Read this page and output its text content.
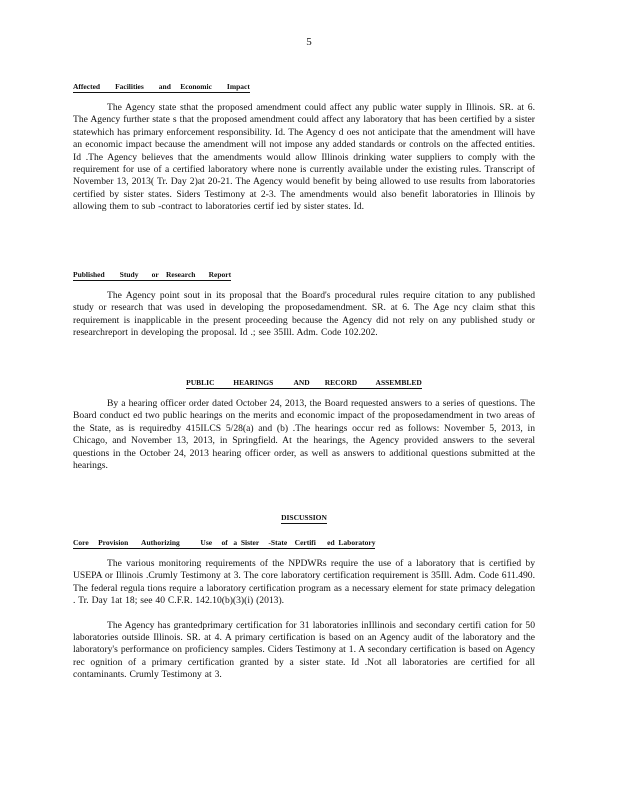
5
Affected        Facilities        and     Economic        Impact

The Agency state sthat the proposed amendment could affect any public water supply in Illinois. SR. at 6. The Agency further state s that the proposed amendment could affect any laboratory that has been certified by a sister statewhich has primary enforcement responsibility. Id. The Agency d oes not anticipate that the amendment will have an economic impact because the amendment will not impose any added standards or controls on the affected entities. Id .The Agency believes that the amendments would allow Illinois drinking water suppliers to comply with the requirement for use of a certified laboratory where none is currently available under the existing rules. Transcript of November 13, 2013( Tr. Day 2)at 20-21. The Agency would benefit by being allowed to use results from laboratories certified by sister states. Siders Testimony at 2-3. The amendments would also benefit laboratories in Illinois by allowing them to sub -contract to laboratories certif ied by sister states. Id.

Published        Study       or    Research       Report

The Agency point sout in its proposal that the Board's procedural rules require citation to any published study or research that was used in developing the proposedamendment. SR. at 6. The Age ncy claim sthat this requirement is inapplicable in the present proceeding because the Agency did not rely on any published study or researchreport in developing the proposal. Id .; see 35Ill. Adm. Code 102.202.

PUBLIC          HEARINGS           AND        RECORD          ASSEMBLED

By a hearing officer order dated October 24, 2013, the Board requested answers to a series of questions. The Board conduct ed two public hearings on the merits and economic impact of the proposedamendment in two areas of the State, as is requiredby 415ILCS 5/28(a) and (b) .The hearings occur red as follows: November 5, 2013, in Chicago, and November 13, 2013, in Springfield. At the hearings, the Agency provided answers to the several questions in the October 24, 2013 hearing officer order, as well as answers to additional questions submitted at the hearings.

DISCUSSION
Core     Provision       Authorizing           Use     of   a  Sister     -State    Certifi      ed  Laboratory

The various monitoring requirements of the NPDWRs require the use of a laboratory that is certified by USEPA or Illinois .Crumly Testimony at 3. The core laboratory certification requirement is 35Ill. Adm. Code 611.490. The federal regula tions require a laboratory certification program as a necessary element for state primacy delegation . Tr. Day 1at 18; see 40 C.F.R. 142.10(b)(3)(i) (2013).

The Agency has grantedprimary certification for 31 laboratories inIllinois and secondary certifi cation for 50 laboratories outside Illinois. SR. at 4. A primary certification is based on an Agency audit of the laboratory and the laboratory's performance on proficiency samples. Ciders Testimony at 1. A secondary certification is based on Agency rec ognition of a primary certification granted by a sister state. Id .Not all laboratories are certified for all contaminants. Crumly Testimony at 3.
